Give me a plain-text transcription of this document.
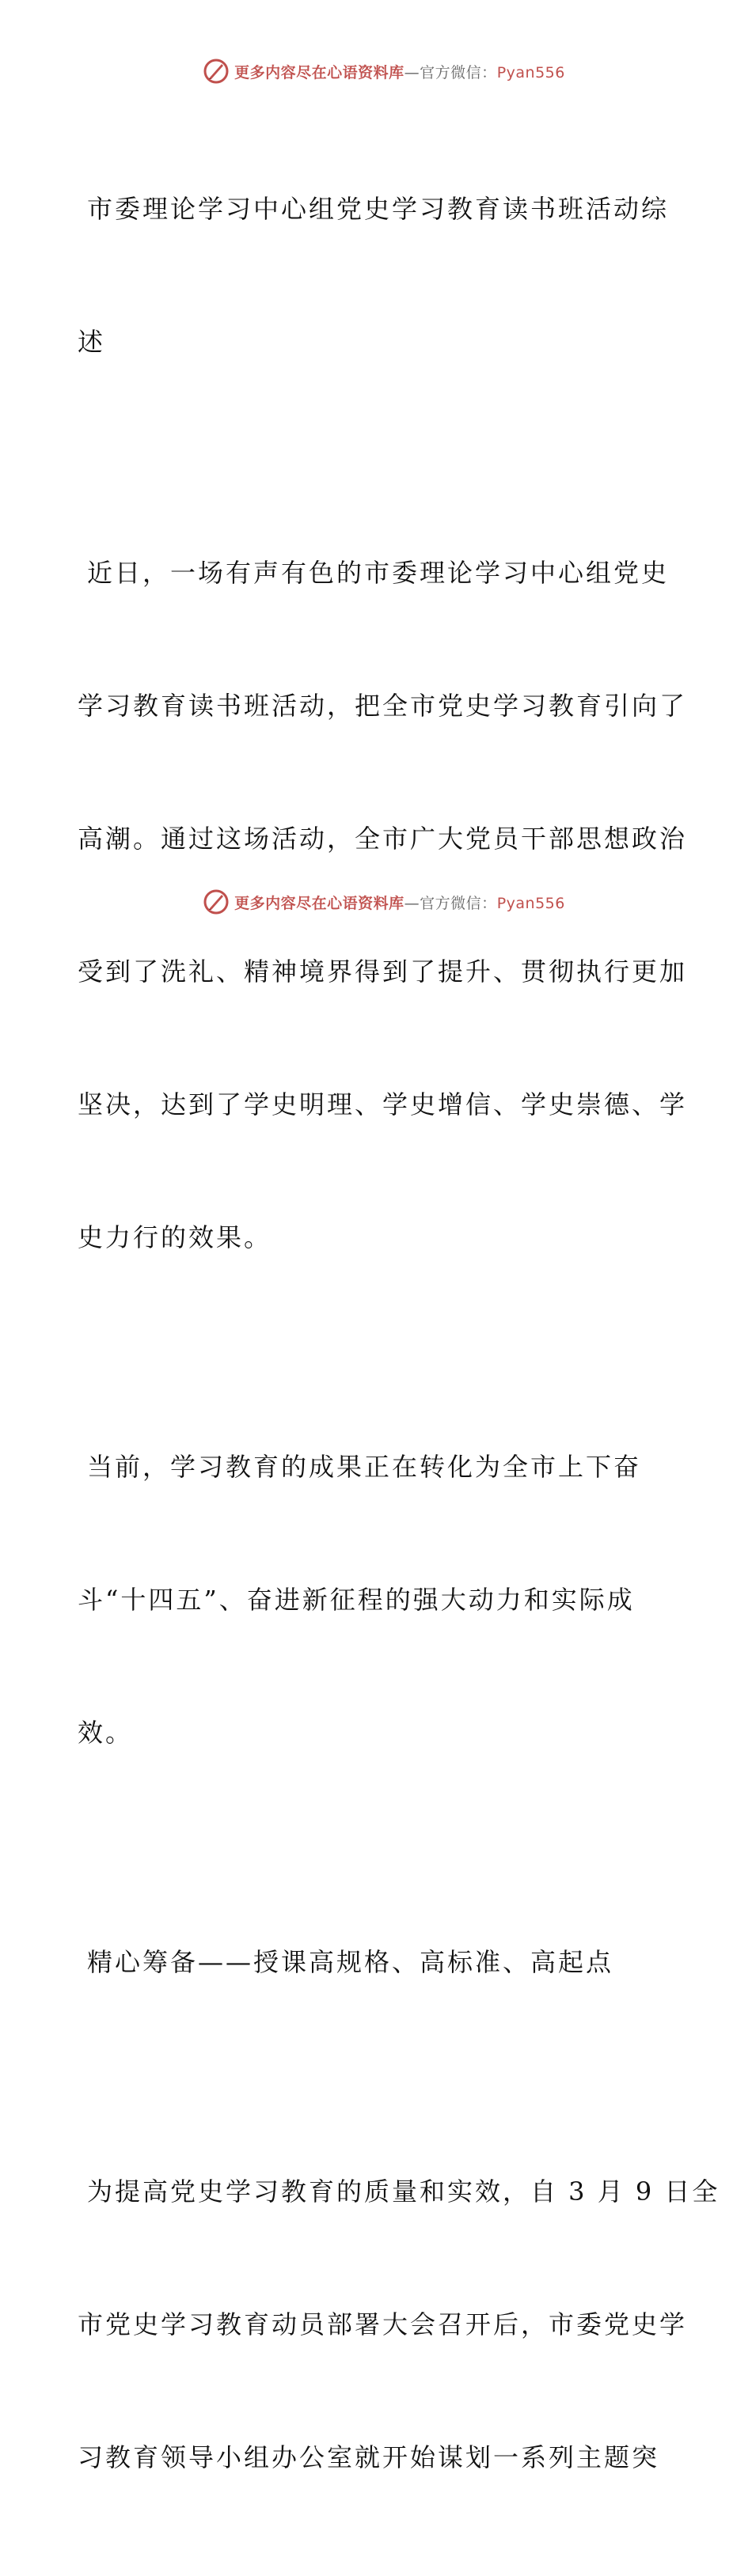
更多内容尽在心语资料库—官方微信：Pyan556

市委理论学习中心组党史学习教育读书班活动综

述

近日，一场有声有色的市委理论学习中心组党史

学习教育读书班活动，把全市党史学习教育引向了

高潮。通过这场活动，全市广大党员干部思想政治

受到了洗礼、精神境界得到了提升、贯彻执行更加

坚决，达到了学史明理、学史增信、学史崇德、学

史力行的效果。

当前，学习教育的成果正在转化为全市上下奋

斗“十四五”、奋进新征程的强大动力和实际成

效。

精心筹备——授课高规格、高标准、高起点

为提高党史学习教育的质量和实效，自 3 月 9 日全

市党史学习教育动员部署大会召开后，市委党史学

习教育领导小组办公室就开始谋划一系列主题突

更多内容尽在心语资料库—官方微信：Pyan556
